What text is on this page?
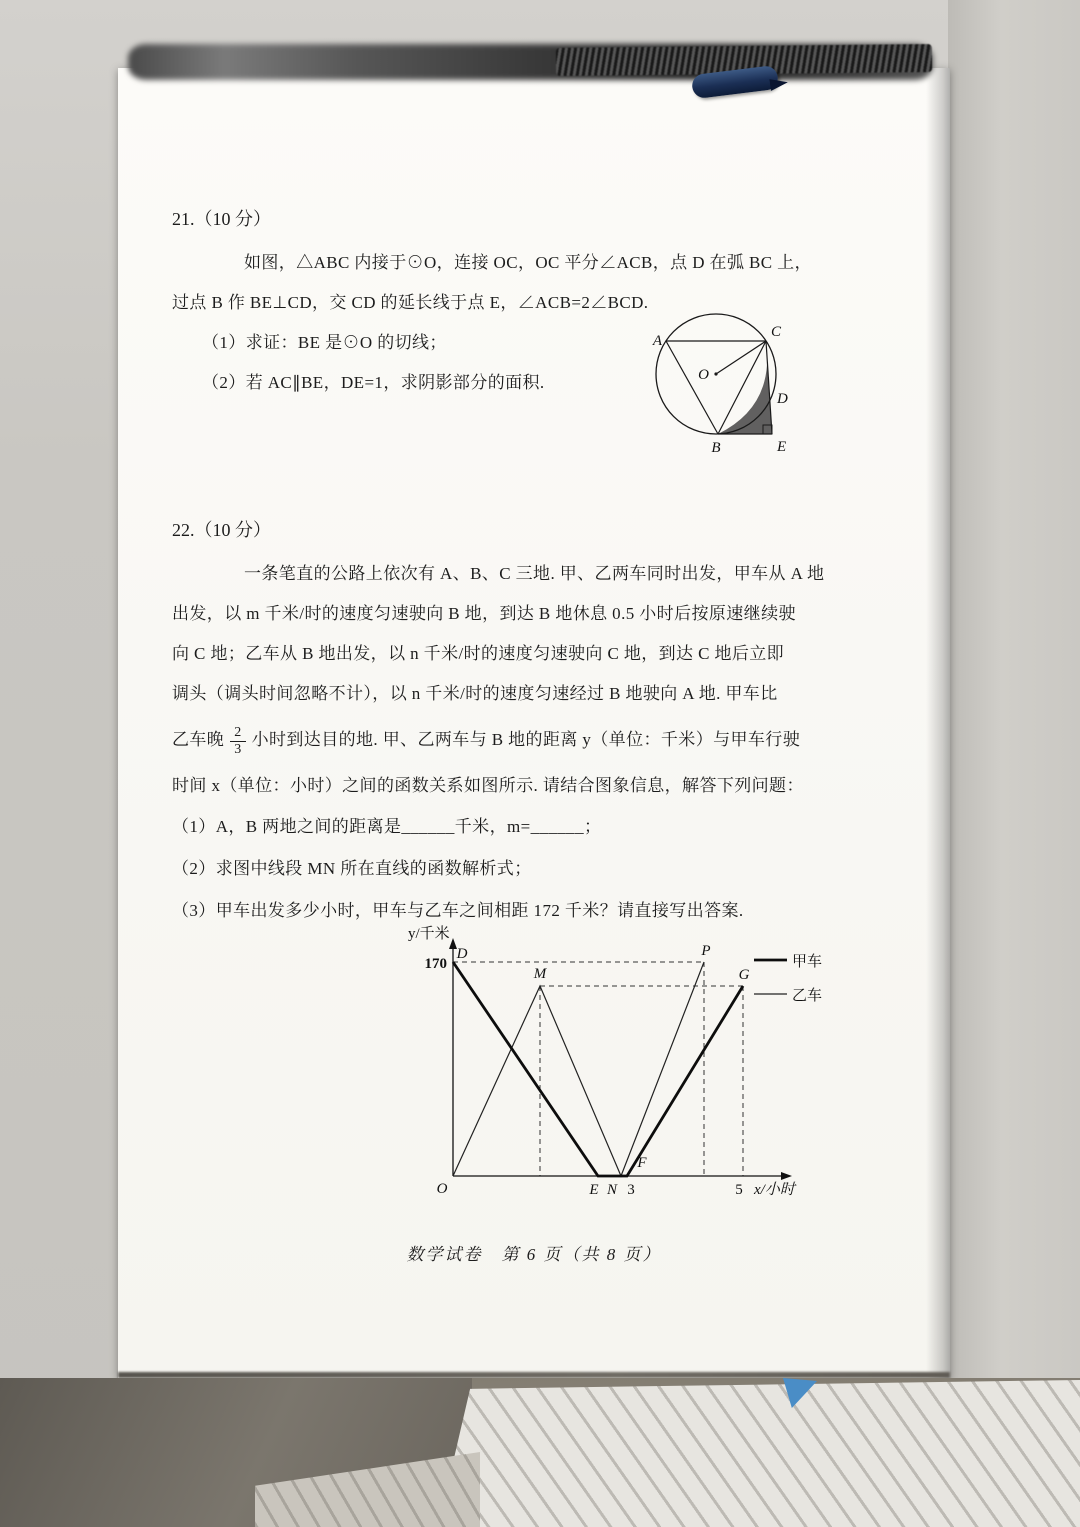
21.（10 分）
如图，△ABC 内接于⊙O，连接 OC，OC 平分∠ACB，点 D 在弧 BC 上，
过点 B 作 BE⊥CD，交 CD 的延长线于点 E，∠ACB=2∠BCD.
（1）求证：BE 是⊙O 的切线；
（2）若 AC∥BE，DE=1，求阴影部分的面积.
A
C
O
B
D
E
22.（10 分）
一条笔直的公路上依次有 A、B、C 三地. 甲、乙两车同时出发，甲车从 A 地
出发，以 m 千米/时的速度匀速驶向 B 地，到达 B 地休息 0.5 小时后按原速继续驶
向 C 地；乙车从 B 地出发，以 n 千米/时的速度匀速驶向 C 地，到达 C 地后立即
调头（调头时间忽略不计），以 n 千米/时的速度匀速经过 B 地驶向 A 地. 甲车比
乙车晚 $\frac{2}{3}$ 小时到达目的地. 甲、乙两车与 B 地的距离 y（单位：千米）与甲车行驶
时间 x（单位：小时）之间的函数关系如图所示. 请结合图象信息，解答下列问题：
（1）A，B 两地之间的距离是______千米，m=______；
（2）求图中线段 MN 所在直线的函数解析式；
（3）甲车出发多少小时，甲车与乙车之间相距 172 千米？请直接写出答案.
甲车
乙车
y/千米
170
3	5 x/小时
O
D
M
P
G
E N
F
数学试卷　第 6 页（共 8 页）
